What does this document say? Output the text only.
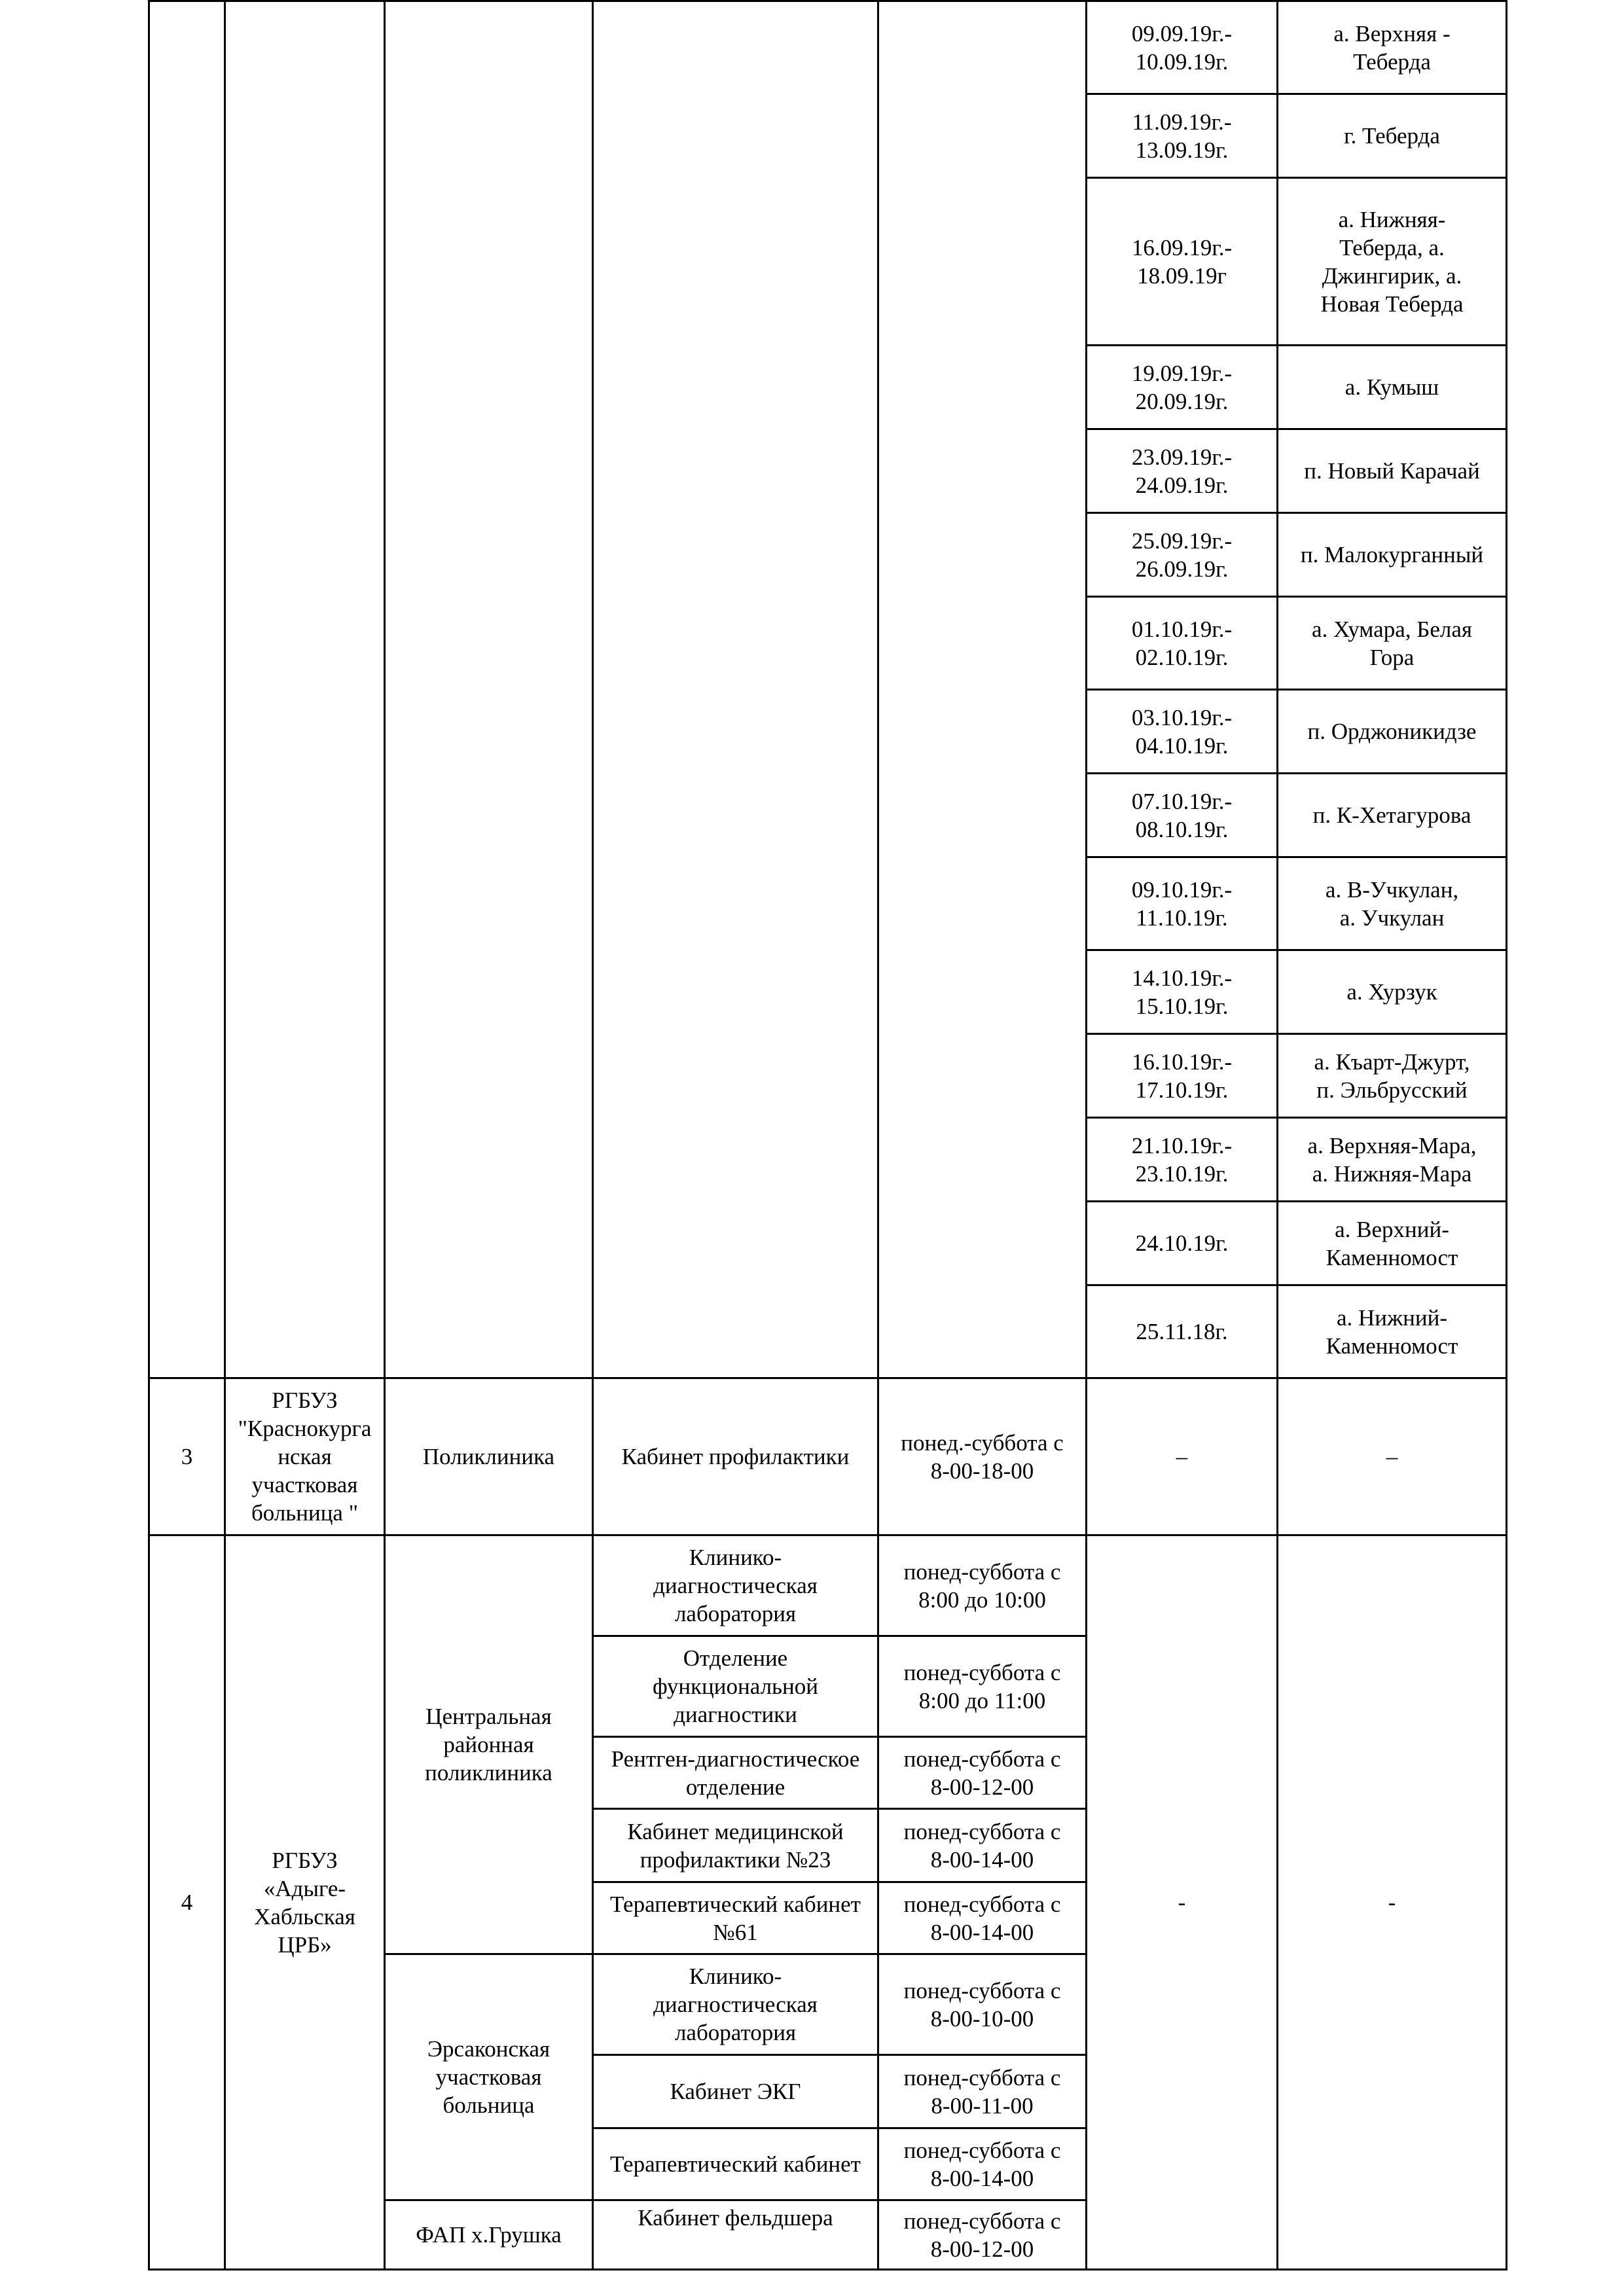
					09.09.19г.-
10.09.19г.	а. Верхняя -
Теберда
					11.09.19г.-
13.09.19г.	г. Теберда
					16.09.19г.-
18.09.19г	а. Нижняя-
Теберда, а.
Джингирик, а.
Новая Теберда
					19.09.19г.-
20.09.19г.	а. Кумыш
					23.09.19г.-
24.09.19г.	п. Новый Карачай
					25.09.19г.-
26.09.19г.	п. Малокурганный
					01.10.19г.-
02.10.19г.	а. Хумара, Белая
Гора
					03.10.19г.-
04.10.19г.	п. Орджоникидзе
					07.10.19г.-
08.10.19г.	п. К-Хетагурова
					09.10.19г.-
11.10.19г.	а. В-Учкулан,
а. Учкулан
					14.10.19г.-
15.10.19г.	а. Хурзук
					16.10.19г.-
17.10.19г.	а. Къарт-Джурт,
п. Эльбрусский
					21.10.19г.-
23.10.19г.	а. Верхняя-Мара,
а. Нижняя-Мара
					24.10.19г.	а. Верхний-
Каменномост
					25.11.18г.	а. Нижний-
Каменномост
3	РГБУЗ
"Краснокурга
нская
участковая
больница "	Поликлиника	Кабинет профилактики	понед.-суббота с
8-00-18-00	–	–
4	РГБУЗ
«Адыге-
Хабльская
ЦРБ»	Центральная
районная
поликлиника	Клинико-
диагностическая
лаборатория	понед-суббота с
8:00 до 10:00	-	-
			Отделение
функциональной
диагностики	понед-суббота с
8:00 до 11:00		
			Рентген-диагностическое
отделение	понед-суббота с
8-00-12-00		
			Кабинет медицинской
профилактики №23	понед-суббота с
8-00-14-00		
			Терапевтический кабинет
№61	понед-суббота с
8-00-14-00		
		Эрсаконская
участковая
больница	Клинико-
диагностическая
лаборатория	понед-суббота с
8-00-10-00		
			Кабинет ЭКГ	понед-суббота с
8-00-11-00		
			Терапевтический кабинет	понед-суббота с
8-00-14-00		
		ФАП х.Грушка	Кабинет фельдшера	понед-суббота с
8-00-12-00		
